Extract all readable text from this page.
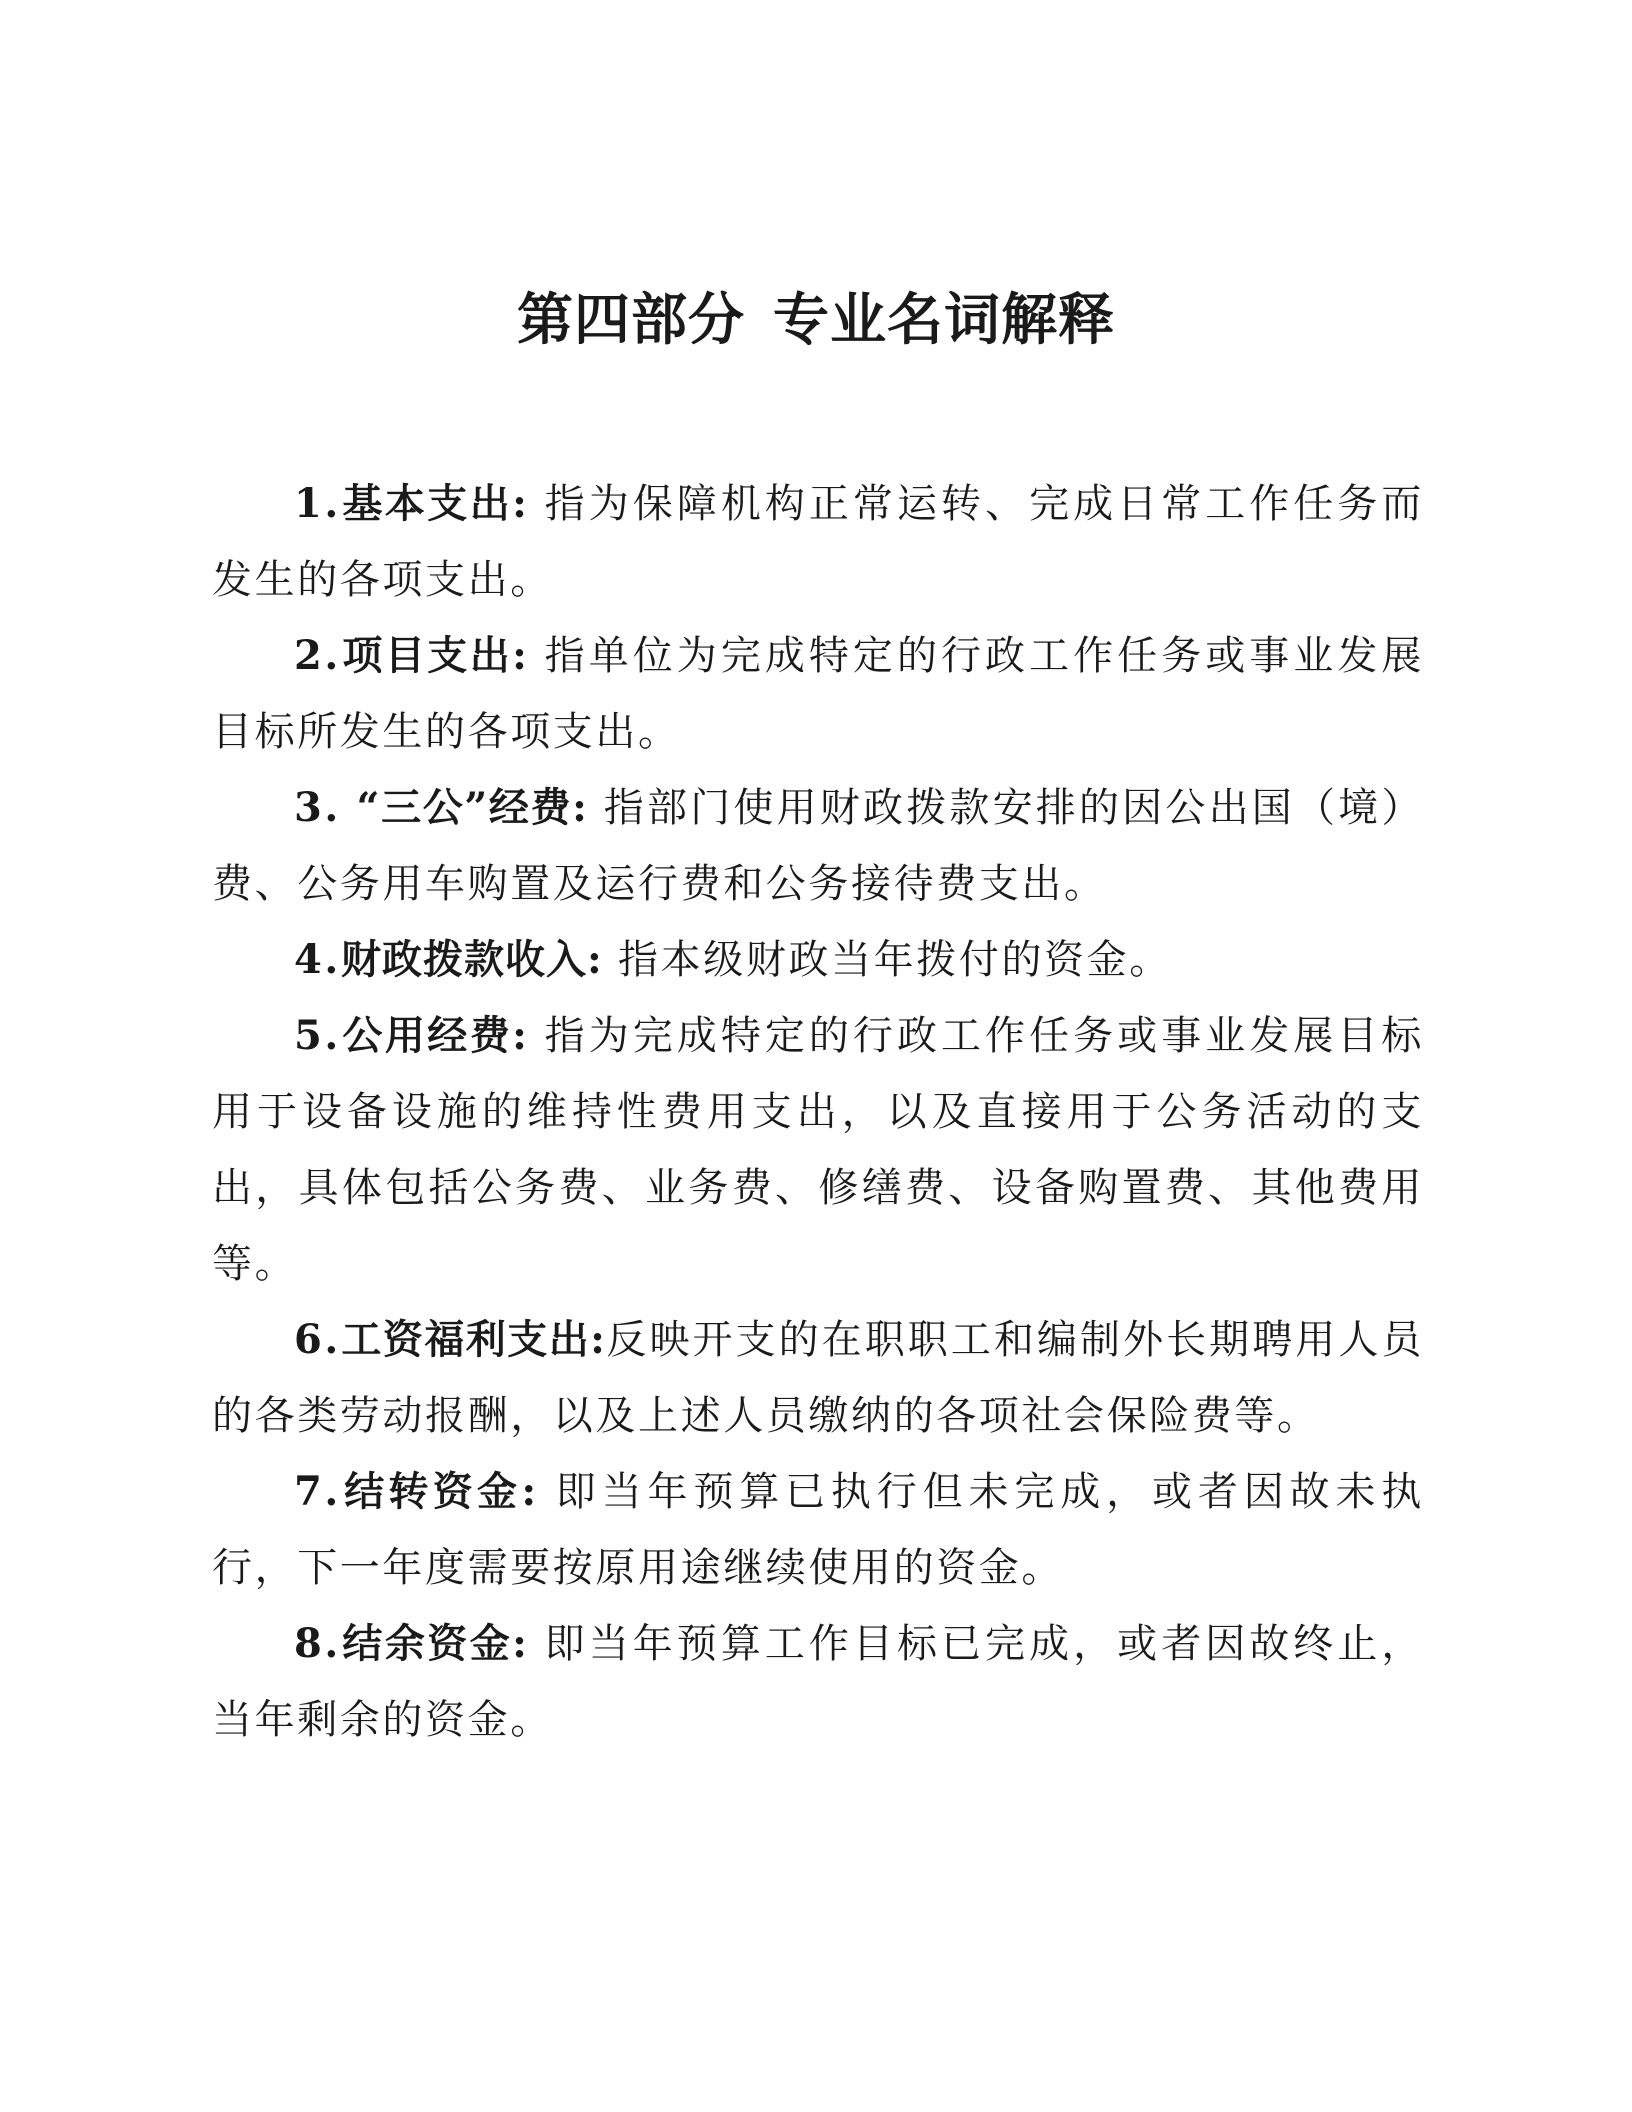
第四部分 专业名词解释

1.基本支出: 指为保障机构正常运转、完成日常工作任务而发生的各项支出。

2.项目支出: 指单位为完成特定的行政工作任务或事业发展目标所发生的各项支出。

3. “三公”经费: 指部门使用财政拨款安排的因公出国（境）费、公务用车购置及运行费和公务接待费支出。

4.财政拨款收入: 指本级财政当年拨付的资金。

5.公用经费: 指为完成特定的行政工作任务或事业发展目标用于设备设施的维持性费用支出，以及直接用于公务活动的支出，具体包括公务费、业务费、修缮费、设备购置费、其他费用等。

6.工资福利支出:反映开支的在职职工和编制外长期聘用人员的各类劳动报酬，以及上述人员缴纳的各项社会保险费等。

7.结转资金: 即当年预算已执行但未完成，或者因故未执行，下一年度需要按原用途继续使用的资金。

8.结余资金: 即当年预算工作目标已完成，或者因故终止，当年剩余的资金。
